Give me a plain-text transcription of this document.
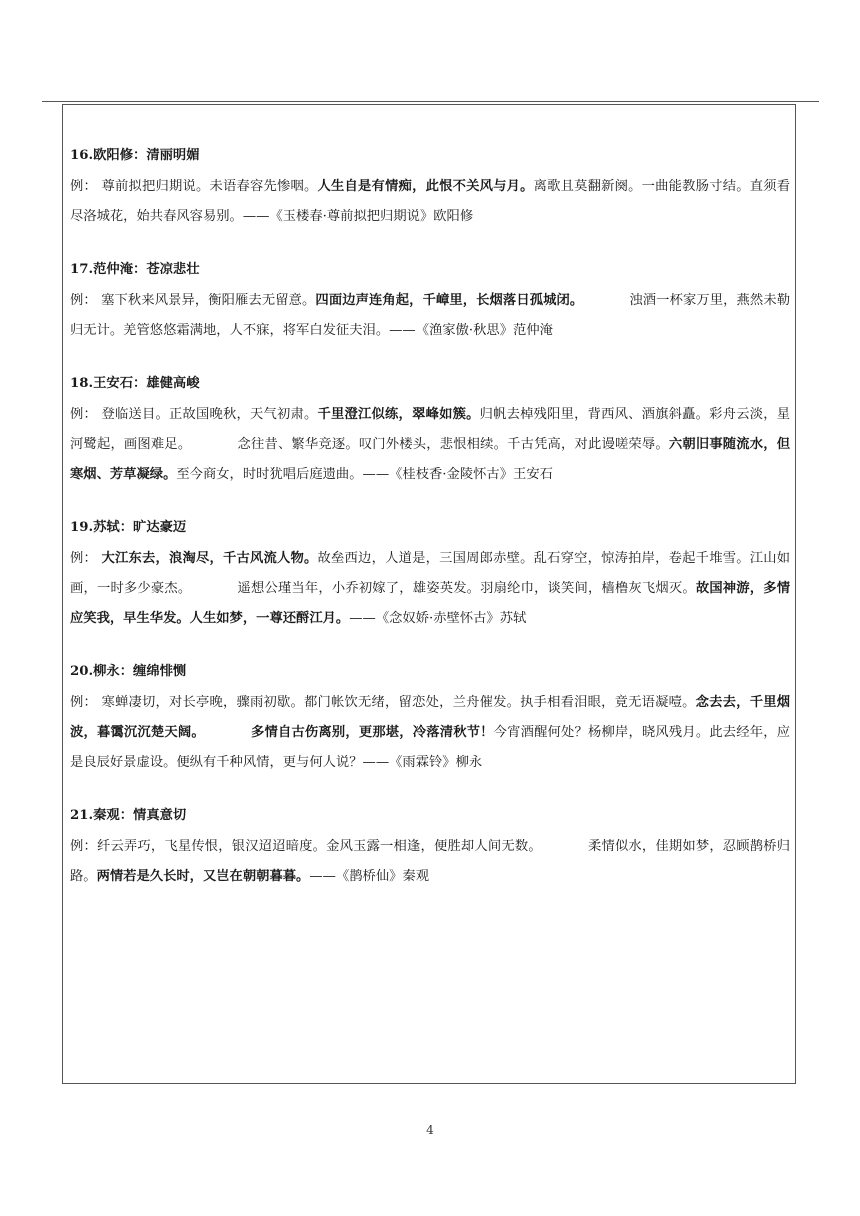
16.欧阳修：清丽明媚

例： 尊前拟把归期说。未语春容先惨咽。人生自是有情痴，此恨不关风与月。离歌且莫翻新阕。一曲能教肠寸结。直须看尽洛城花，始共春风容易别。——《玉楼春·尊前拟把归期说》欧阳修

17.范仲淹：苍凉悲壮

例： 塞下秋来风景异，衡阳雁去无留意。四面边声连角起，千嶂里，长烟落日孤城闭。	浊酒一杯家万里，燕然未勒归无计。羌管悠悠霜满地，人不寐，将军白发征夫泪。——《渔家傲·秋思》范仲淹

18.王安石：雄健高峻

例： 登临送目。正故国晚秋，天气初肃。千里澄江似练，翠峰如簇。归帆去棹残阳里，背西风、酒旗斜矗。彩舟云淡，星河鹭起，画图难足。	念往昔、繁华竞逐。叹门外楼头，悲恨相续。千古凭高，对此谩嗟荣辱。六朝旧事随流水，但寒烟、芳草凝绿。至今商女，时时犹唱后庭遗曲。——《桂枝香·金陵怀古》王安石

19.苏轼：旷达豪迈

例： 大江东去，浪淘尽，千古风流人物。故垒西边，人道是，三国周郎赤壁。乱石穿空，惊涛拍岸，卷起千堆雪。江山如画，一时多少豪杰。	遥想公瑾当年，小乔初嫁了，雄姿英发。羽扇纶巾，谈笑间，樯橹灰飞烟灭。故国神游，多情应笑我，早生华发。人生如梦，一尊还酹江月。——《念奴娇·赤壁怀古》苏轼

20.柳永：缠绵悱恻

例： 寒蝉凄切，对长亭晚，骤雨初歇。都门帐饮无绪，留恋处，兰舟催发。执手相看泪眼，竟无语凝噎。念去去，千里烟波，暮霭沉沉楚天阔。	多情自古伤离别，更那堪，冷落清秋节！今宵酒醒何处？杨柳岸，晓风残月。此去经年，应是良辰好景虚设。便纵有千种风情，更与何人说？——《雨霖铃》柳永

21.秦观：情真意切

例：纤云弄巧，飞星传恨，银汉迢迢暗度。金风玉露一相逢，便胜却人间无数。	柔情似水，佳期如梦，忍顾鹊桥归路。两情若是久长时，又岂在朝朝暮暮。——《鹊桥仙》秦观

4
